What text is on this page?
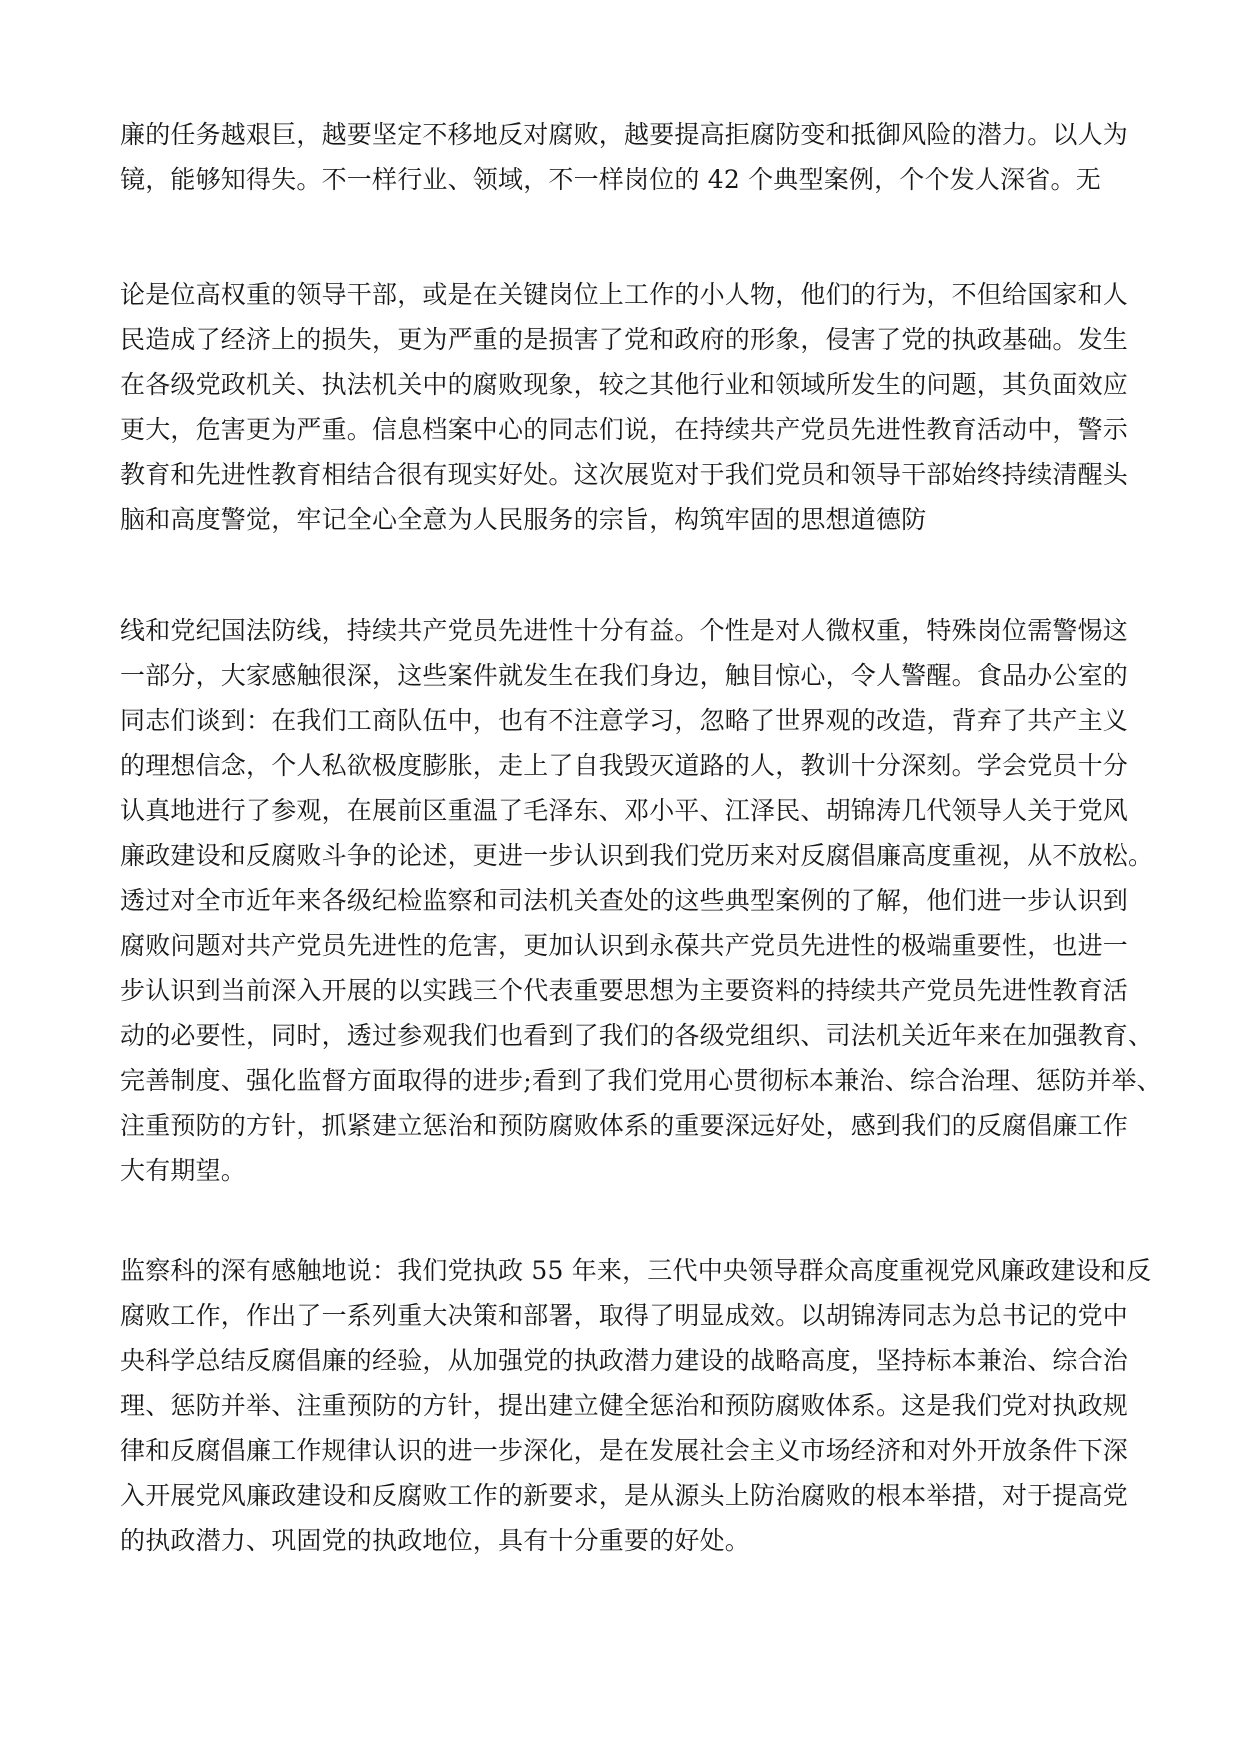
廉的任务越艰巨，越要坚定不移地反对腐败，越要提高拒腐防变和抵御风险的潜力。以人为
镜，能够知得失。不一样行业、领域，不一样岗位的 42 个典型案例，个个发人深省。无
论是位高权重的领导干部，或是在关键岗位上工作的小人物，他们的行为，不但给国家和人
民造成了经济上的损失，更为严重的是损害了党和政府的形象，侵害了党的执政基础。发生
在各级党政机关、执法机关中的腐败现象，较之其他行业和领域所发生的问题，其负面效应
更大，危害更为严重。信息档案中心的同志们说，在持续共产党员先进性教育活动中，警示
教育和先进性教育相结合很有现实好处。这次展览对于我们党员和领导干部始终持续清醒头
脑和高度警觉，牢记全心全意为人民服务的宗旨，构筑牢固的思想道德防
线和党纪国法防线，持续共产党员先进性十分有益。个性是对人微权重，特殊岗位需警惕这
一部分，大家感触很深，这些案件就发生在我们身边，触目惊心，令人警醒。食品办公室的
同志们谈到：在我们工商队伍中，也有不注意学习，忽略了世界观的改造，背弃了共产主义
的理想信念，个人私欲极度膨胀，走上了自我毁灭道路的人，教训十分深刻。学会党员十分
认真地进行了参观，在展前区重温了毛泽东、邓小平、江泽民、胡锦涛几代领导人关于党风
廉政建设和反腐败斗争的论述，更进一步认识到我们党历来对反腐倡廉高度重视，从不放松。
透过对全市近年来各级纪检监察和司法机关查处的这些典型案例的了解，他们进一步认识到
腐败问题对共产党员先进性的危害，更加认识到永葆共产党员先进性的极端重要性，也进一
步认识到当前深入开展的以实践三个代表重要思想为主要资料的持续共产党员先进性教育活
动的必要性，同时，透过参观我们也看到了我们的各级党组织、司法机关近年来在加强教育、
完善制度、强化监督方面取得的进步;看到了我们党用心贯彻标本兼治、综合治理、惩防并举、
注重预防的方针，抓紧建立惩治和预防腐败体系的重要深远好处，感到我们的反腐倡廉工作
大有期望。
监察科的深有感触地说：我们党执政 55 年来，三代中央领导群众高度重视党风廉政建设和反
腐败工作，作出了一系列重大决策和部署，取得了明显成效。以胡锦涛同志为总书记的党中
央科学总结反腐倡廉的经验，从加强党的执政潜力建设的战略高度，坚持标本兼治、综合治
理、惩防并举、注重预防的方针，提出建立健全惩治和预防腐败体系。这是我们党对执政规
律和反腐倡廉工作规律认识的进一步深化，是在发展社会主义市场经济和对外开放条件下深
入开展党风廉政建设和反腐败工作的新要求，是从源头上防治腐败的根本举措，对于提高党
的执政潜力、巩固党的执政地位，具有十分重要的好处。
